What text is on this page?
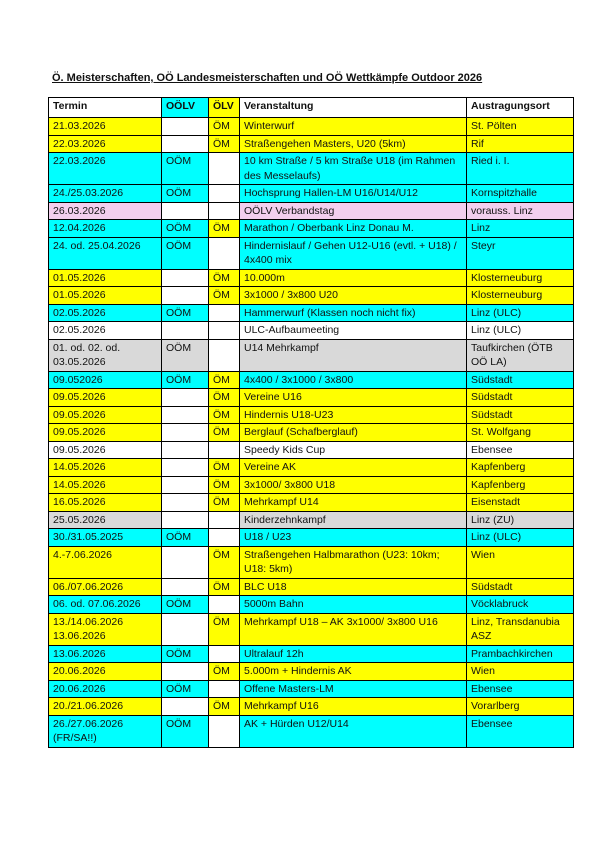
Ö. Meisterschaften, OÖ Landesmeisterschaften und OÖ Wettkämpfe Outdoor 2026
Termin	OÖLV	ÖLV	Veranstaltung	Austragungsort
21.03.2026		ÖM	Winterwurf	St. Pölten
22.03.2026		ÖM	Straßengehen Masters, U20 (5km)	Rif
22.03.2026	OÖM		10 km Straße / 5 km Straße U18 (im Rahmen des Messelaufs)	Ried i. I.
24./25.03.2026	OÖM		Hochsprung Hallen-LM U16/U14/U12	Kornspitzhalle
26.03.2026			OÖLV Verbandstag	vorauss. Linz
12.04.2026	OÖM	ÖM	Marathon / Oberbank Linz Donau M.	Linz
24. od. 25.04.2026	OÖM		Hindernislauf / Gehen U12-U16 (evtl. + U18) / 4x400 mix	Steyr
01.05.2026		ÖM	10.000m	Klosterneuburg
01.05.2026		ÖM	3x1000 / 3x800 U20	Klosterneuburg
02.05.2026	OÖM		Hammerwurf (Klassen noch nicht fix)	Linz (ULC)
02.05.2026			ULC-Aufbaumeeting	Linz (ULC)
01. od. 02. od. 03.05.2026	OÖM		U14 Mehrkampf	Taufkirchen (ÖTB OÖ LA)
09.052026	OÖM	ÖM	4x400 / 3x1000 / 3x800	Südstadt
09.05.2026		ÖM	Vereine U16	Südstadt
09.05.2026		ÖM	Hindernis U18-U23	Südstadt
09.05.2026		ÖM	Berglauf (Schafberglauf)	St. Wolfgang
09.05.2026			Speedy Kids Cup	Ebensee
14.05.2026		ÖM	Vereine AK	Kapfenberg
14.05.2026		ÖM	3x1000/ 3x800 U18	Kapfenberg
16.05.2026		ÖM	Mehrkampf U14	Eisenstadt
25.05.2026			Kinderzehnkampf	Linz (ZU)
30./31.05.2025	OÖM		U18 / U23	Linz (ULC)
4.-7.06.2026		ÖM	Straßengehen Halbmarathon (U23: 10km; U18: 5km)	Wien
06./07.06.2026		ÖM	BLC U18	Südstadt
06. od. 07.06.2026	OÖM		5000m Bahn	Vöcklabruck
13./14.06.2026 13.06.2026		ÖM	Mehrkampf U18 – AK 3x1000/ 3x800 U16	Linz, Transdanubia ASZ
13.06.2026	OÖM		Ultralauf 12h	Prambachkirchen
20.06.2026		ÖM	5.000m + Hindernis AK	Wien
20.06.2026	OÖM		Offene Masters-LM	Ebensee
20./21.06.2026		ÖM	Mehrkampf U16	Vorarlberg
26./27.06.2026 (FR/SA!!)	OÖM		AK + Hürden U12/U14	Ebensee
